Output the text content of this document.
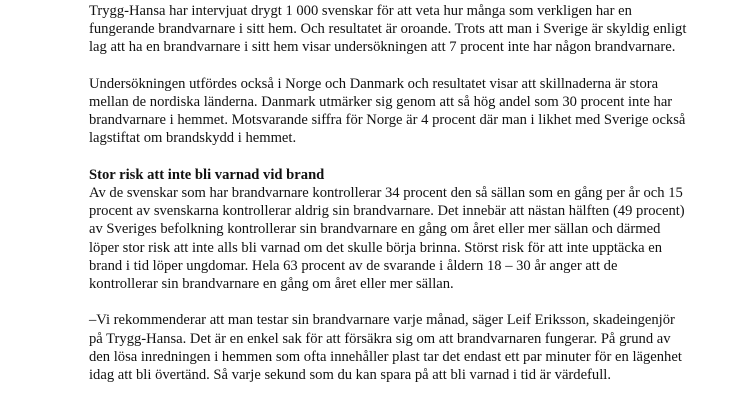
Trygg-Hansa har intervjuat drygt 1 000 svenskar för att veta hur många som verkligen har en fungerande brandvarnare i sitt hem. Och resultatet är oroande. Trots att man i Sverige är skyldig enligt lag att ha en brandvarnare i sitt hem visar undersökningen att 7 procent inte har någon brandvarnare.

Undersökningen utfördes också i Norge och Danmark och resultatet visar att skillnaderna är stora mellan de nordiska länderna. Danmark utmärker sig genom att så hög andel som 30 procent inte har brandvarnare i hemmet. Motsvarande siffra för Norge är 4 procent där man i likhet med Sverige också lagstiftat om brandskydd i hemmet.

Stor risk att inte bli varnad vid brand

Av de svenskar som har brandvarnare kontrollerar 34 procent den så sällan som en gång per år och 15 procent av svenskarna kontrollerar aldrig sin brandvarnare. Det innebär att nästan hälften (49 procent) av Sveriges befolkning kontrollerar sin brandvarnare en gång om året eller mer sällan och därmed löper stor risk att inte alls bli varnad om det skulle börja brinna. Störst risk för att inte upptäcka en brand i tid löper ungdomar. Hela 63 procent av de svarande i åldern 18 – 30 år anger att de kontrollerar sin brandvarnare en gång om året eller mer sällan.

–Vi rekommenderar att man testar sin brandvarnare varje månad, säger Leif Eriksson, skadeingenjör på Trygg-Hansa. Det är en enkel sak för att försäkra sig om att brandvarnaren fungerar. På grund av den lösa inredningen i hemmen som ofta innehåller plast tar det endast ett par minuter för en lägenhet idag att bli övertänd. Så varje sekund som du kan spara på att bli varnad i tid är värdefull.
